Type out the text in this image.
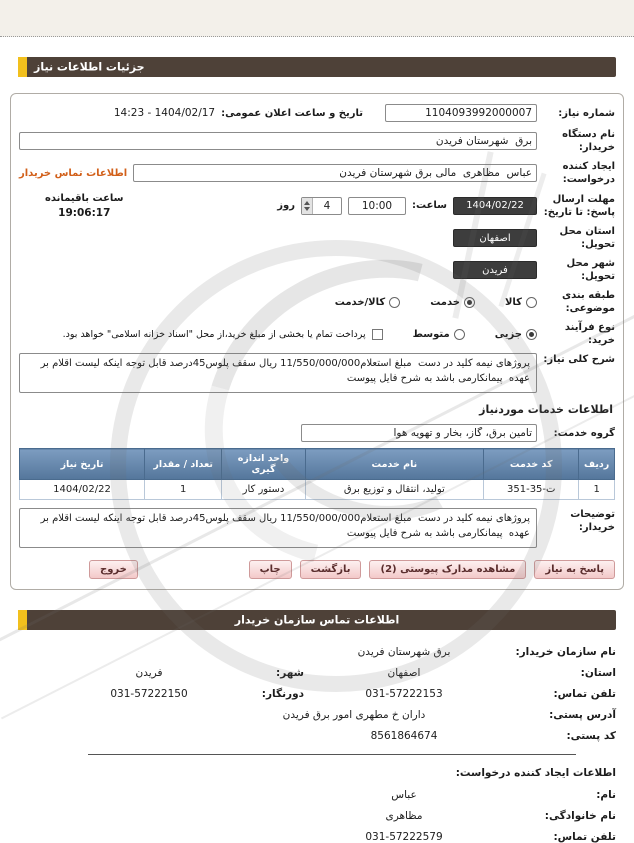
جزئیات اطلاعات نیاز
شماره نیاز:
1104093992000007
تاریخ و ساعت اعلان عمومی:
1404/02/17 - 14:23
نام دستگاه خریدار:
برق شهرستان فریدن
ایجاد کننده درخواست:
عباس مظاهری مالی برق شهرستان فریدن
اطلاعات تماس خریدار
مهلت ارسال پاسخ: تا تاریخ:
1404/02/22
ساعت:
10:00
4
روز
ساعت باقیمانده
19:06:17
استان محل تحویل:
اصفهان
شهر محل تحویل:
فریدن
طبقه بندی موضوعی:
کالا
خدمت
کالا/خدمت
نوع فرآیند خرید:
جزیی
متوسط
پرداخت تمام یا بخشی از مبلغ خرید،از محل "اسناد خزانه اسلامی" خواهد بود.
شرح کلی نیاز:
پروژهای نیمه کلید در دست مبلغ استعلام11/550/000/000 ریال سقف پلوس45درصد قابل توجه اینکه لیست اقلام بر عهده پیمانکارمی باشد به شرح فایل پیوست
اطلاعات خدمات موردنیاز
گروه خدمت:
تامین برق، گاز، بخار و تهویه هوا
ردیف	کد خدمت	نام خدمت	واحد اندازه گیری	تعداد / مقدار	تاریخ نیاز
1	ت-35-351	تولید، انتقال و توزیع برق	دستور کار	1	1404/02/22
توضیحات خریدار:
پروژهای نیمه کلید در دست مبلغ استعلام11/550/000/000 ریال سقف پلوس45درصد قابل توجه اینکه لیست اقلام بر عهده پیمانکارمی باشد به شرح فایل پیوست
پاسخ به نیاز
مشاهده مدارک پیوستی (2)
بازگشت
چاپ
خروج
اطلاعات تماس سازمان خریدار
نام سازمان خریدار:
برق شهرستان فریدن
استان:
اصفهان
شهر:
فریدن
تلفن تماس:
031-57222153
دورنگار:
031-57222150
آدرس پستی:
داران خ مطهری امور برق فریدن
کد پستی:
8561864674
اطلاعات ایجاد کننده درخواست:
نام:
عباس
نام خانوادگی:
مظاهری
تلفن تماس:
031-57222579
